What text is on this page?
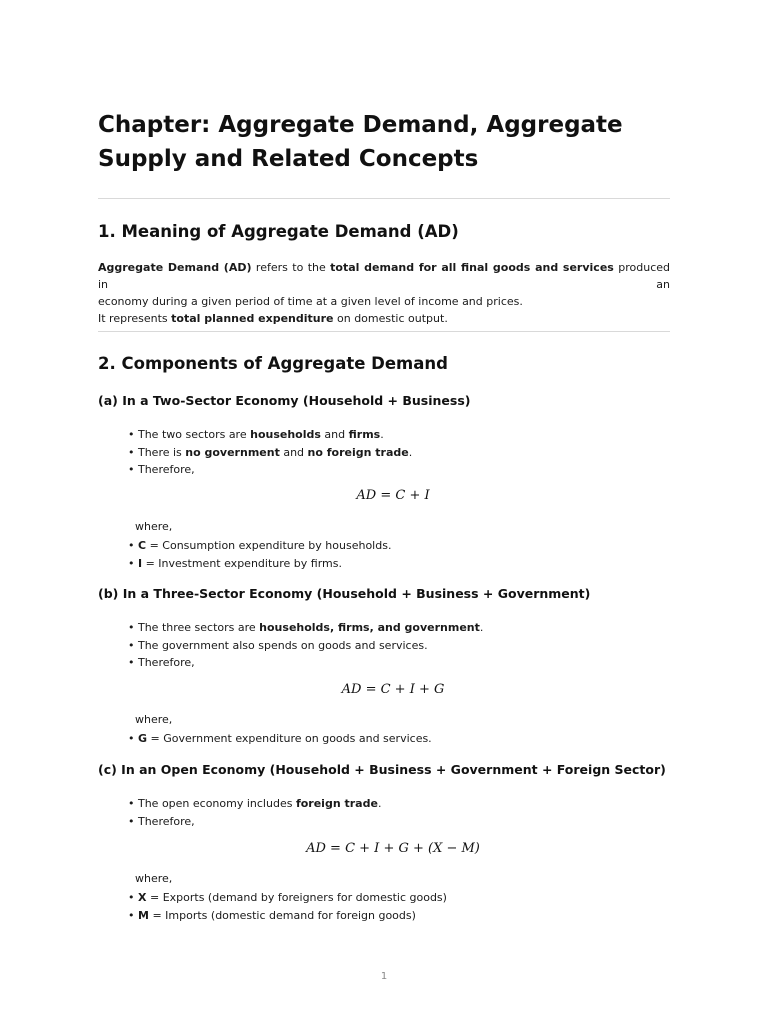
Chapter: Aggregate Demand, Aggregate Supply and Related Concepts
1. Meaning of Aggregate Demand (AD)
Aggregate Demand (AD) refers to the total demand for all final goods and services produced in an
economy during a given period of time at a given level of income and prices.
It represents total planned expenditure on domestic output.
2. Components of Aggregate Demand
(a) In a Two-Sector Economy (Household + Business)
• The two sectors are households and firms.
• There is no government and no foreign trade.
• Therefore,
AD = C + I
where,
• C = Consumption expenditure by households.
• I = Investment expenditure by firms.
(b) In a Three-Sector Economy (Household + Business + Government)
• The three sectors are households, firms, and government.
• The government also spends on goods and services.
• Therefore,
AD = C + I + G
where,
• G = Government expenditure on goods and services.
(c) In an Open Economy (Household + Business + Government + Foreign Sector)
• The open economy includes foreign trade.
• Therefore,
AD = C + I + G + (X − M)
where,
• X = Exports (demand by foreigners for domestic goods)
• M = Imports (domestic demand for foreign goods)
1
